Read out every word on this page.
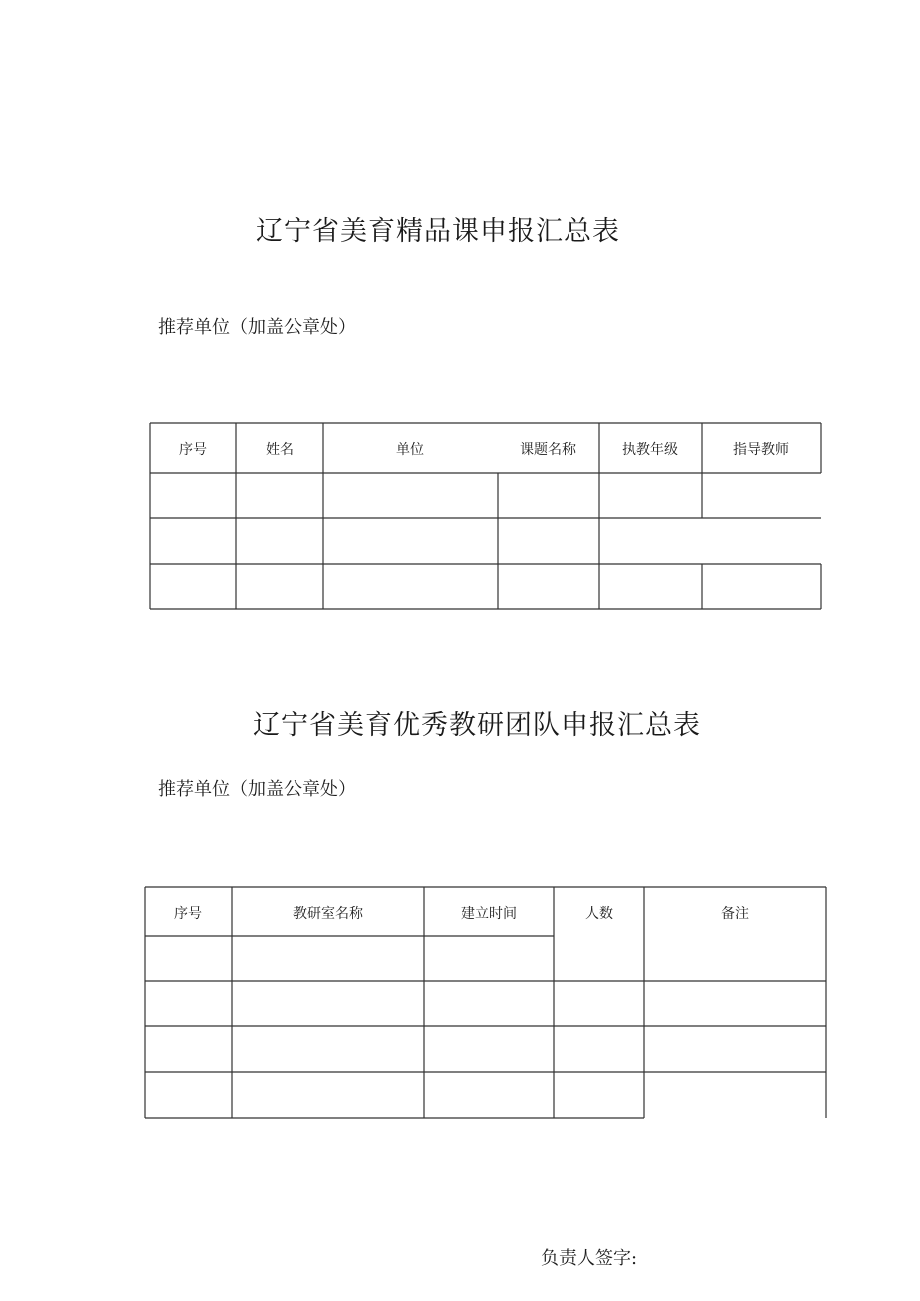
辽宁省美育精品课申报汇总表
推荐单位（加盖公章处）
序号	姓名	单位	课题名称	执教年级	指导教师
辽宁省美育优秀教研团队申报汇总表
推荐单位（加盖公章处）
序号	教研室名称	建立时间	人数	备注
负责人签字:
